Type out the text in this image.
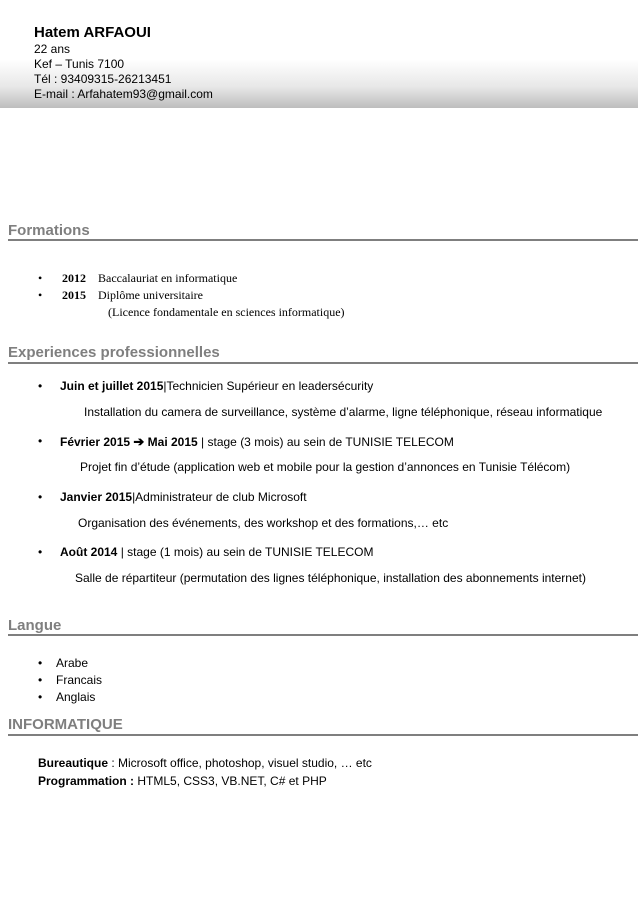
Hatem ARFAOUI
22 ans
Kef – Tunis 7100
Tél : 93409315-26213451
E-mail : Arfahatem93@gmail.com
Formations
• 2012 Baccalauriat en informatique
• 2015 Diplôme universitaire
(Licence fondamentale en sciences informatique)
Experiences professionnelles
• Juin et juillet 2015|Technicien Supérieur en leadersécurity
Installation du camera de surveillance, système d’alarme, ligne téléphonique, réseau informatique
• Février 2015 ➔ Mai 2015 | stage (3 mois) au sein de TUNISIE TELECOM
Projet fin d’étude (application web et mobile pour la gestion d’annonces en Tunisie Télécom)
• Janvier 2015|Administrateur de club Microsoft
Organisation des événements, des workshop et des formations,… etc
• Août 2014 | stage (1 mois) au sein de TUNISIE TELECOM
Salle de répartiteur (permutation des lignes téléphonique, installation des abonnements internet)
Langue
• Arabe
• Francais
• Anglais
INFORMATIQUE
Bureautique : Microsoft office, photoshop, visuel studio, … etc
Programmation : HTML5, CSS3, VB.NET, C# et PHP
